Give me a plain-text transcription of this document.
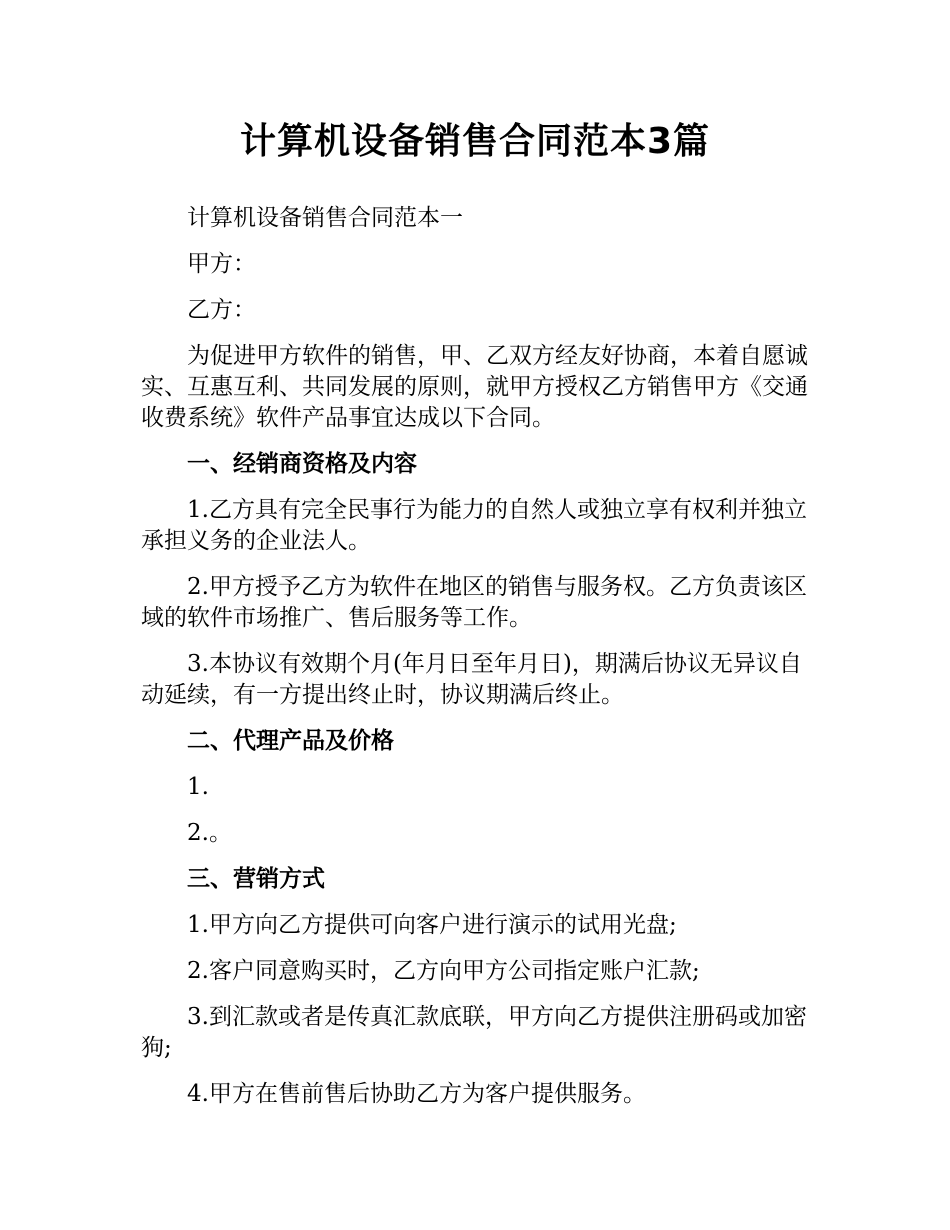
计算机设备销售合同范本3篇

计算机设备销售合同范本一

甲方：

乙方：

为促进甲方软件的销售，甲、乙双方经友好协商，本着自愿诚实、互惠互利、共同发展的原则，就甲方授权乙方销售甲方《交通收费系统》软件产品事宜达成以下合同。

一、经销商资格及内容

1.乙方具有完全民事行为能力的自然人或独立享有权利并独立承担义务的企业法人。

2.甲方授予乙方为软件在地区的销售与服务权。乙方负责该区域的软件市场推广、售后服务等工作。

3.本协议有效期个月(年月日至年月日)，期满后协议无异议自动延续，有一方提出终止时，协议期满后终止。

二、代理产品及价格

1.

2.。

三、营销方式

1.甲方向乙方提供可向客户进行演示的试用光盘;

2.客户同意购买时，乙方向甲方公司指定账户汇款;

3.到汇款或者是传真汇款底联，甲方向乙方提供注册码或加密狗;

4.甲方在售前售后协助乙方为客户提供服务。
